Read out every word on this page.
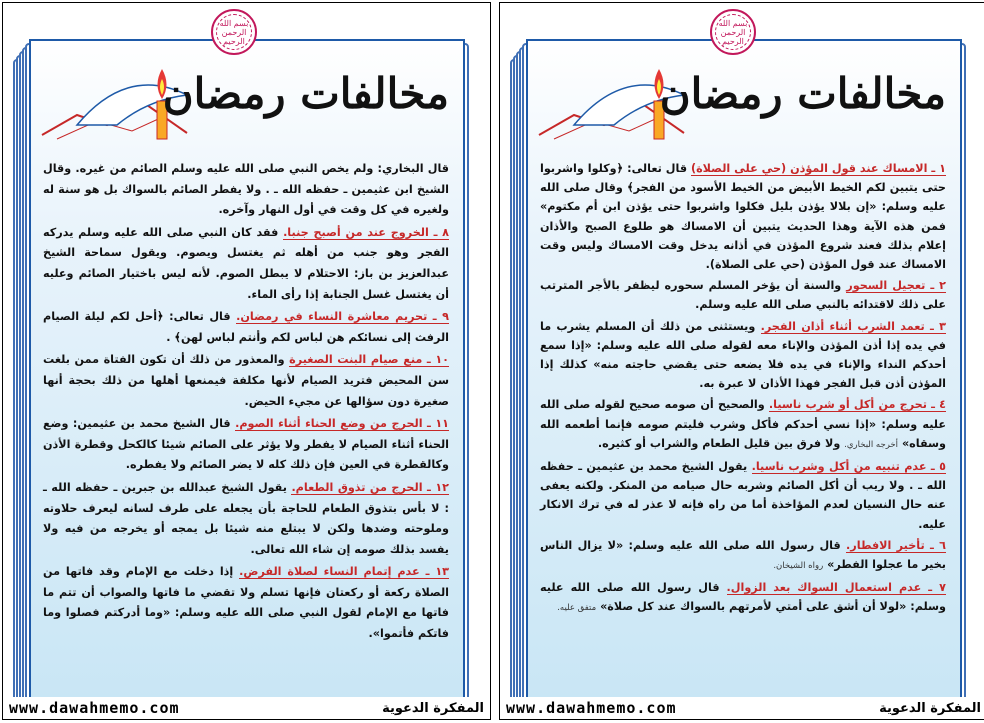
مخالفات رمضان

قال البخاري: ولم يخص النبي صلى الله عليه وسلم الصائم من غيره. وقال الشيخ ابن عثيمين ـ حفظه الله ـ . ولا يفطر الصائم بالسواك بل هو سنة له ولغيره في كل وقت في أول النهار وآخره.

٨ ـ الخروج عند من أصبح جنبا. فقد كان النبي صلى الله عليه وسلم يدركه الفجر وهو جنب من أهله ثم يغتسل ويصوم. ويقول سماحة الشيخ عبدالعزيز بن باز: الاحتلام لا يبطل الصوم. لأنه ليس باختيار الصائم وعليه أن يغتسل غسل الجنابة إذا رأى الماء.

٩ ـ تحريم معاشرة النساء في رمضان. قال تعالى: ﴿أحل لكم ليلة الصيام الرفث إلى نسائكم هن لباس لكم وأنتم لباس لهن﴾ .

١٠ ـ منع صيام البنت الصغيرة والمعذور من ذلك أن تكون الفتاة ممن بلغت سن المحيض فتريد الصيام لأنها مكلفة فيمنعها أهلها من ذلك بحجة أنها صغيرة دون سؤالها عن مجيء الحيض.

١١ ـ الحرج من وضع الحناء أثناء الصوم. قال الشيخ محمد بن عثيمين: وضع الحناء أثناء الصيام لا يفطر ولا يؤثر على الصائم شيئا كالكحل وقطرة الأذن وكالقطرة في العين فإن ذلك كله لا يضر الصائم ولا يفطره.

١٢ ـ الحرج من تذوق الطعام. يقول الشيخ عبدالله بن جبرين ـ حفظه الله ـ : لا بأس بتذوق الطعام للحاجة بأن يجعله على طرف لسانه ليعرف حلاوته وملوحته وضدها ولكن لا يبتلع منه شيئا بل يمجه أو يخرجه من فيه ولا يفسد بذلك صومه إن شاء الله تعالى.

١٣ ـ عدم إتمام النساء لصلاة الفرض. إذا دخلت مع الإمام وقد فاتها من الصلاة ركعة أو ركعتان فإنها تسلم ولا تقضي ما فاتها والصواب أن تتم ما فاتها مع الإمام لقول النبي صلى الله عليه وسلم: «وما أدركتم فصلوا وما فاتكم فأتموا».

بسم الله الرحمن الرحيم
www.dawahmemo.com	المفكرة الدعوية
مخالفات رمضان

١ ـ الامساك عند قول المؤذن (حي على الصلاة) قال تعالى: ﴿وكلوا واشربوا حتى يتبين لكم الخيط الأبيض من الخيط الأسود من الفجر﴾ وقال صلى الله عليه وسلم: «إن بلالا يؤذن بليل فكلوا واشربوا حتى يؤذن ابن أم مكتوم» فمن هذه الآية وهذا الحديث يتبين أن الامساك هو طلوع الصبح والأذان إعلام بذلك فعند شروع المؤذن في أذانه يدخل وقت الامساك وليس وقت الامساك عند قول المؤذن (حي على الصلاة).

٢ ـ تعجيل السحور والسنة أن يؤخر المسلم سحوره ليظفر بالأجر المترتب على ذلك لاقتدائه بالنبي صلى الله عليه وسلم.

٣ ـ تعمد الشرب أثناء أذان الفجر. ويستثنى من ذلك أن المسلم يشرب ما في يده إذا أذن المؤذن والإناء معه لقوله صلى الله عليه وسلم: «إذا سمع أحدكم النداء والإناء في يده فلا يضعه حتى يقضي حاجته منه» كذلك إذا المؤذن أذن قبل الفجر فهذا الأذان لا عبرة به.

٤ ـ تحرج من أكل أو شرب ناسيا. والصحيح أن صومه صحيح لقوله صلى الله عليه وسلم: «إذا نسي أحدكم فأكل وشرب فليتم صومه فإنما أطعمه الله وسقاه» أخرجه البخاري. ولا فرق بين قليل الطعام والشراب أو كثيره.

٥ ـ عدم تنبيه من أكل وشرب ناسيا. يقول الشيخ محمد بن عثيمين ـ حفظه الله ـ . ولا ريب أن أكل الصائم وشربه حال صيامه من المنكر. ولكنه يعفى عنه حال النسيان لعدم المؤاخذة أما من راه فإنه لا عذر له في ترك الانكار عليه.

٦ ـ تأخير الافطار. قال رسول الله صلى الله عليه وسلم: «لا يزال الناس بخير ما عجلوا الفطر» رواه الشيخان.

٧ ـ عدم استعمال السواك بعد الزوال. قال رسول الله صلى الله عليه وسلم: «لولا أن أشق على أمتي لأمرتهم بالسواك عند كل صلاة» متفق عليه.

بسم الله الرحمن الرحيم
www.dawahmemo.com	المفكرة الدعوية
